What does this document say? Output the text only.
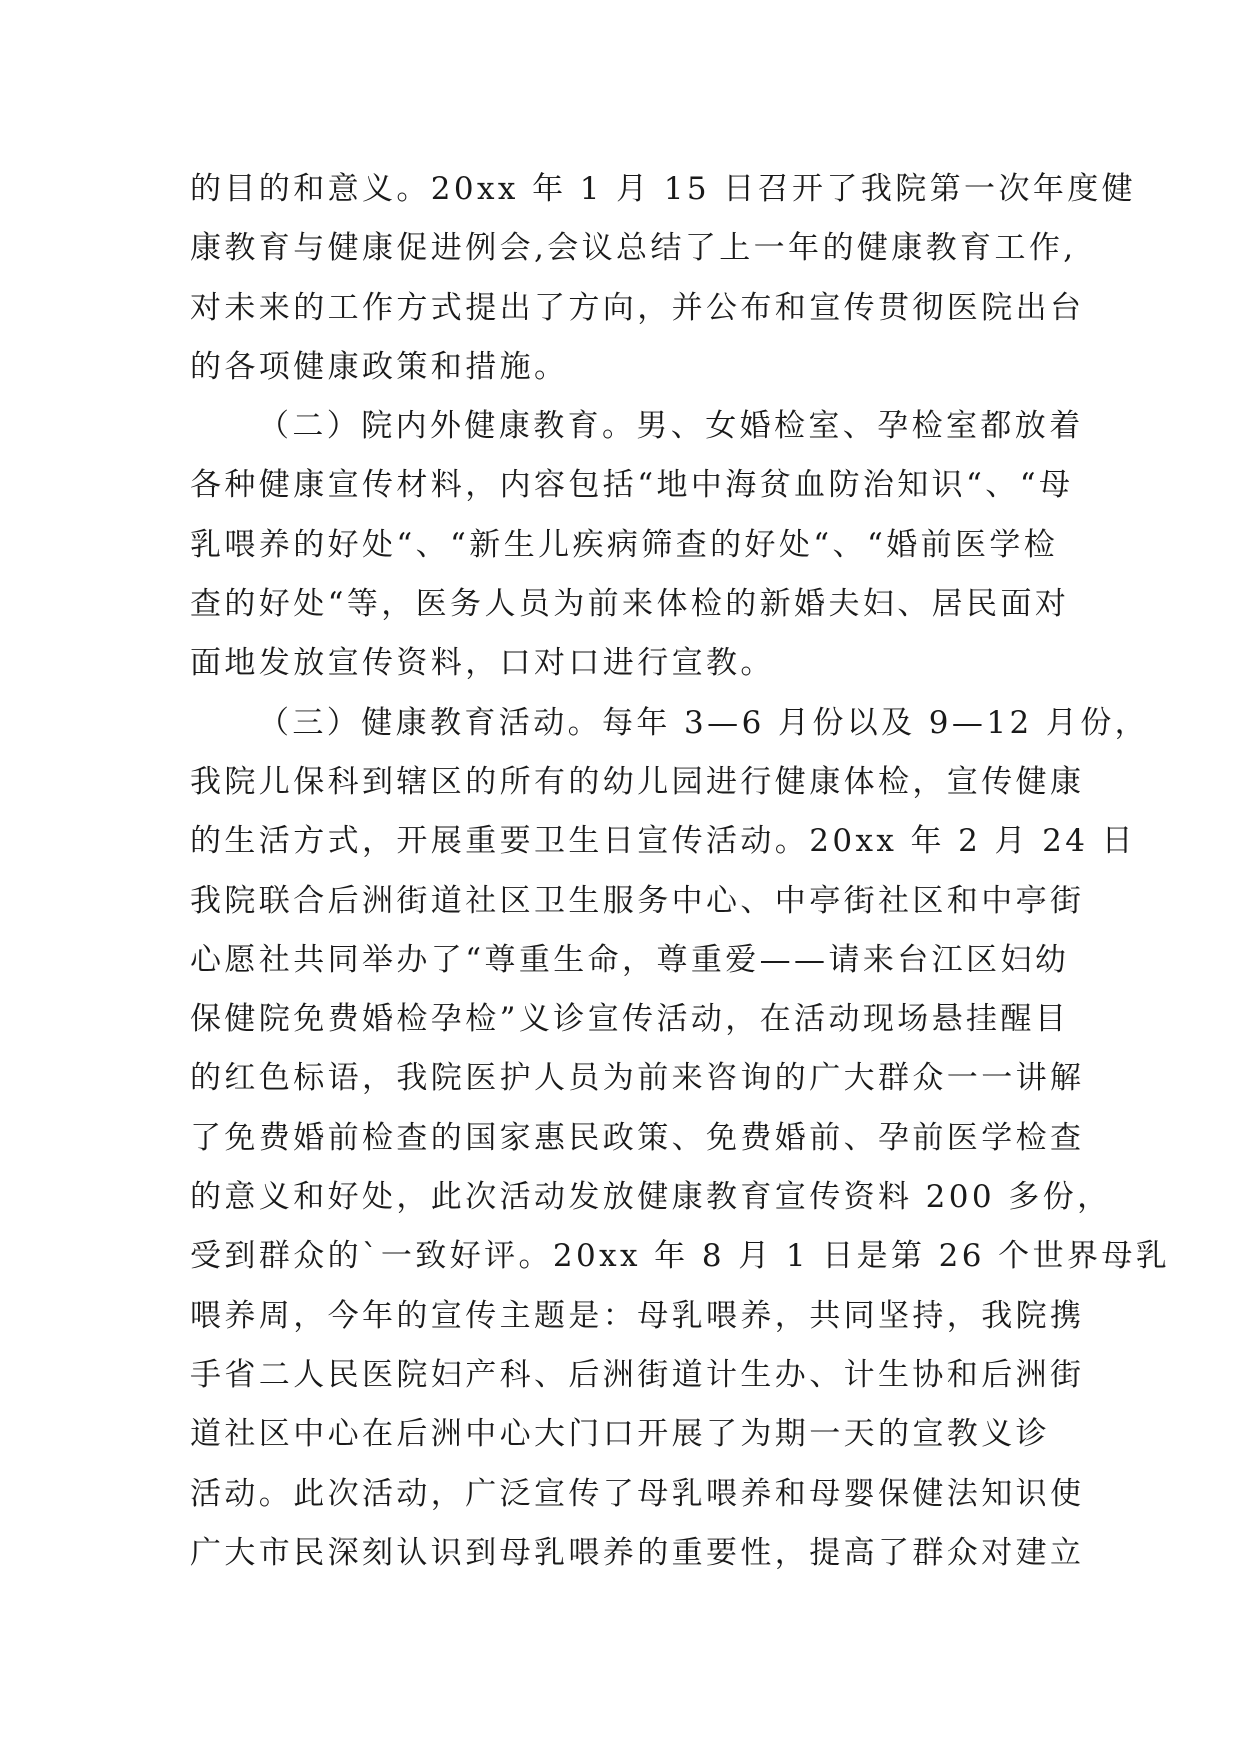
的目的和意义。20xx 年 1 月 15 日召开了我院第一次年度健
康教育与健康促进例会,会议总结了上一年的健康教育工作,
对未来的工作方式提出了方向，并公布和宣传贯彻医院出台
的各项健康政策和措施。
（二）院内外健康教育。男、女婚检室、孕检室都放着
各种健康宣传材料，内容包括“地中海贫血防治知识“、“母
乳喂养的好处“、“新生儿疾病筛查的好处“、“婚前医学检
查的好处“等，医务人员为前来体检的新婚夫妇、居民面对
面地发放宣传资料，口对口进行宣教。
（三）健康教育活动。每年 3—6 月份以及 9—12 月份，
我院儿保科到辖区的所有的幼儿园进行健康体检，宣传健康
的生活方式，开展重要卫生日宣传活动。20xx 年 2 月 24 日
我院联合后洲街道社区卫生服务中心、中亭街社区和中亭街
心愿社共同举办了“尊重生命，尊重爱——请来台江区妇幼
保健院免费婚检孕检”义诊宣传活动，在活动现场悬挂醒目
的红色标语，我院医护人员为前来咨询的广大群众一一讲解
了免费婚前检查的国家惠民政策、免费婚前、孕前医学检查
的意义和好处，此次活动发放健康教育宣传资料 200 多份，
受到群众的`一致好评。20xx 年 8 月 1 日是第 26 个世界母乳
喂养周，今年的宣传主题是：母乳喂养，共同坚持，我院携
手省二人民医院妇产科、后洲街道计生办、计生协和后洲街
道社区中心在后洲中心大门口开展了为期一天的宣教义诊
活动。此次活动，广泛宣传了母乳喂养和母婴保健法知识使
广大市民深刻认识到母乳喂养的重要性，提高了群众对建立
